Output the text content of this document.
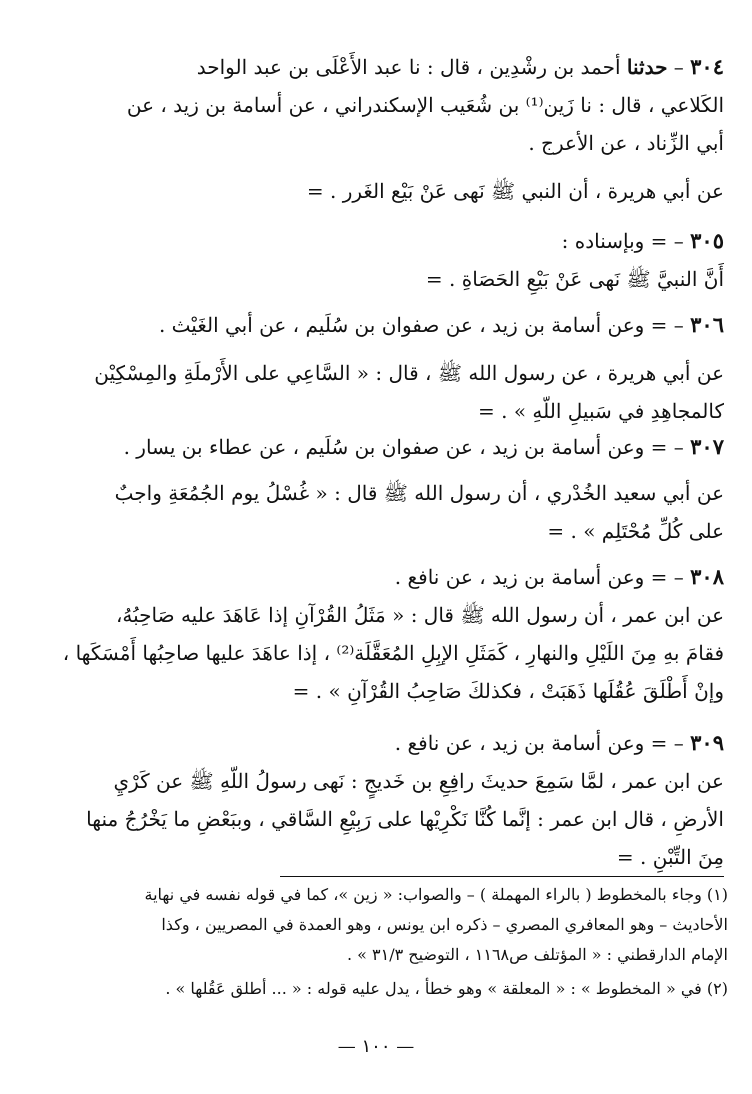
٣٠٤ – حدثنا أحمد بن رشْدِين ، قال : نا عبد الأَعْلَى بن عبد الواحد
الكَلاعي ، قال : نا زَين⁽¹⁾ بن شُعَيب الإسكندراني ، عن أسامة بن زيد ، عن
أبي الزِّناد ، عن الأعرج .
عن أبي هريرة ، أن النبي ﷺ نَهى عَنْ بَيْع الغَرر . =
٣٠٥ – = وبإسناده :
أَنَّ النبيَّ ﷺ نَهى عَنْ بَيْعِ الحَصَاةِ . =
٣٠٦ – = وعن أسامة بن زيد ، عن صفوان بن سُلَيم ، عن أبي الغَيْث .
عن أبي هريرة ، عن رسول الله ﷺ ، قال : « السَّاعِي على الأَرْملَةِ والمِسْكِيْن
كالمجاهِدِ في سَبيلِ اللّهِ » . =
٣٠٧ – = وعن أسامة بن زيد ، عن صفوان بن سُلَيم ، عن عطاء بن يسار .
عن أبي سعيد الخُدْري ، أن رسول الله ﷺ قال : « غُسْلُ يوم الجُمُعَةِ واجبٌ
على كُلِّ مُحْتَلِم » . =
٣٠٨ – = وعن أسامة بن زيد ، عن نافع .
عن ابن عمر ، أن رسول الله ﷺ قال : « مَثَلُ القُرْآنِ إذا عَاهَدَ عليه صَاحِبُهُ،
فقامَ بهِ مِنَ اللَيْلِ والنهارِ ، كَمَثَلِ الإبِلِ المُعَقَّلَة⁽²⁾ ، إذا عاهَدَ عليها صاحِبُها أَمْسَكَها ،
وإنْ أَطْلَقَ عُقُلَها ذَهَبَتْ ، فكذلكَ صَاحِبُ القُرْآنِ » . =
٣٠٩ – = وعن أسامة بن زيد ، عن نافع .
عن ابن عمر ، لمَّا سَمِعَ حديثَ رافِعِ بن خَديجٍ : نَهى رسولُ اللّهِ ﷺ عن كَرْيِ
الأرضِ ، قال ابن عمر : إنَّما كُنَّا نَكْرِيْها على رَبِيْعِ السَّاقي ، وببَعْضِ ما يَخْرُجُ منها
مِنَ التِّبْنِ . =
(١) وجاء بالمخطوط ( بالراء المهملة ) – والصواب: « زين »، كما في قوله نفسه في نهاية
الأحاديث – وهو المعافري المصري – ذكره ابن يونس ، وهو العمدة في المصريين ، وكذا
الإمام الدارقطني : « المؤتلف ص١١٦٨ ، التوضيح ٣١/٣ » .
(٢) في « المخطوط » : « المعلقة » وهو خطأ ، يدل عليه قوله : « ... أطلق عَقُلها » .
— ١٠٠ —
